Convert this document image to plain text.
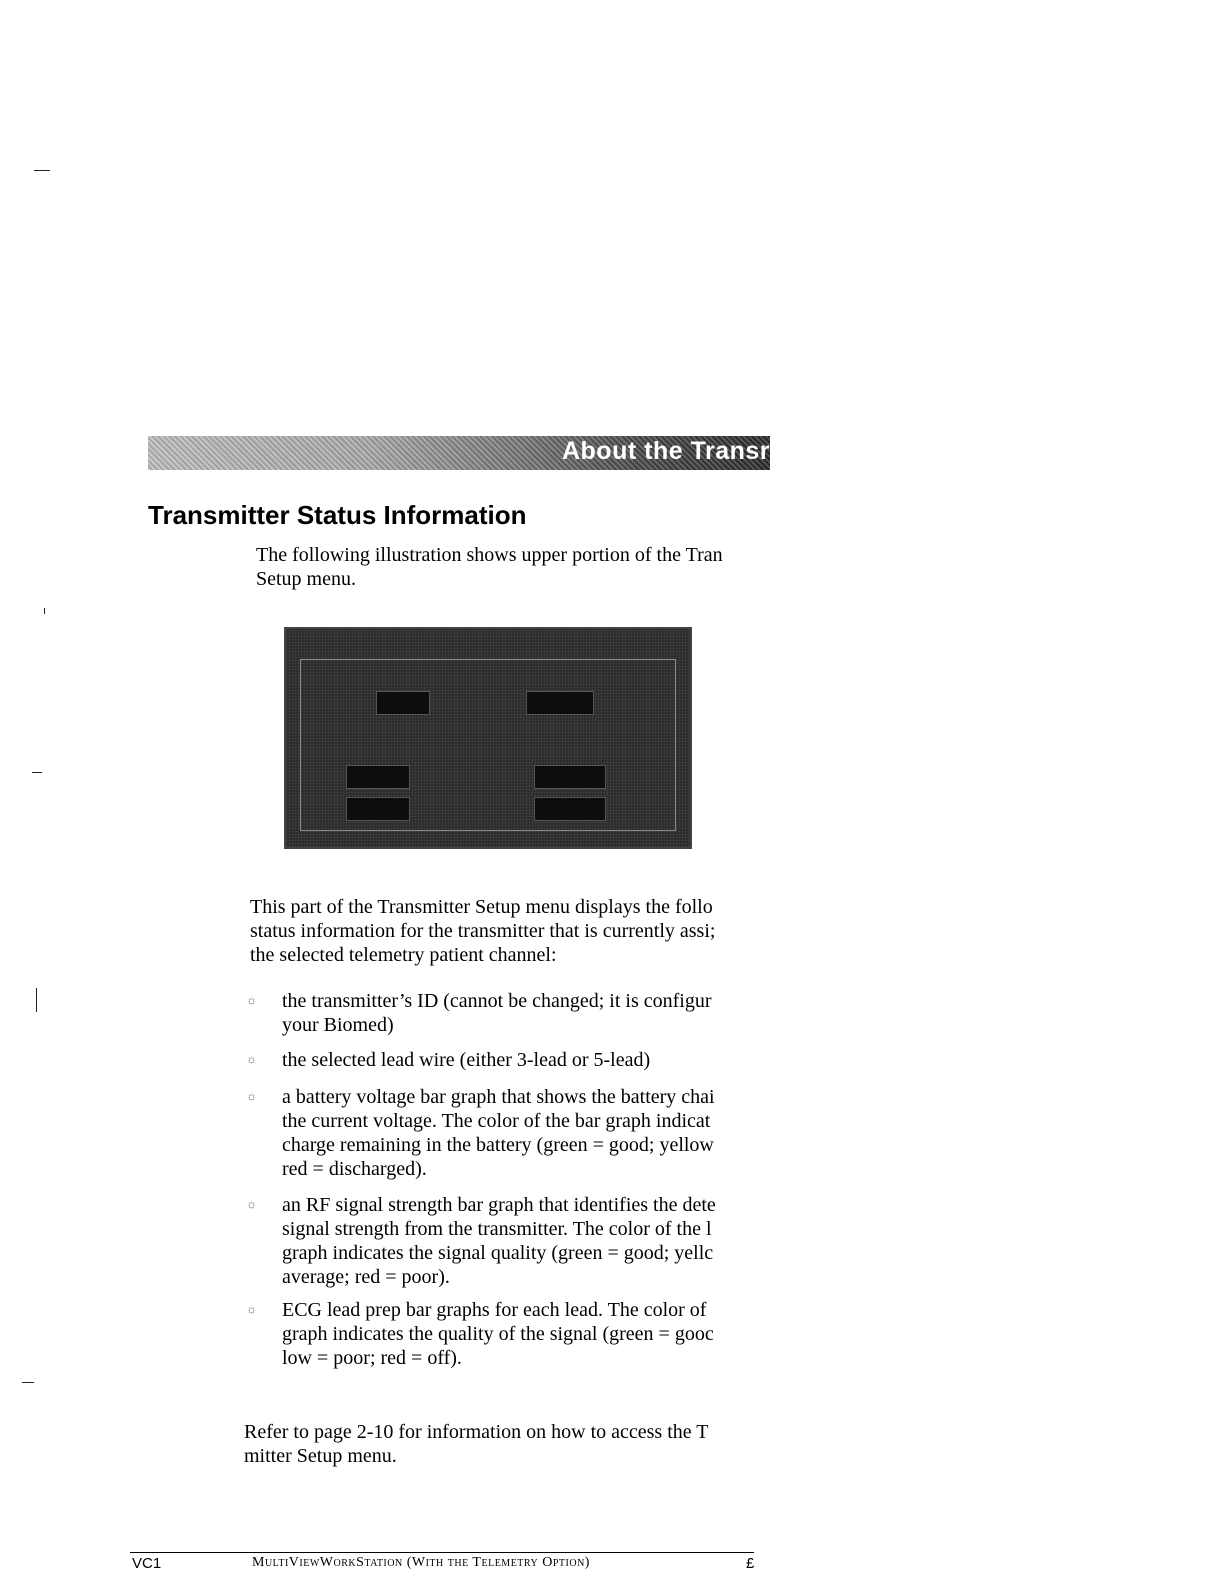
About the Transr
Transmitter Status Information

The following illustration shows upper portion of the Tran

Setup menu.

This part of the Transmitter Setup menu displays the follo

status information for the transmitter that is currently assi;

the selected telemetry patient channel:

☼ the transmitter’s ID (cannot be changed; it is configur

your Biomed)

☼ the selected lead wire (either 3-lead or 5-lead)

☼ a battery voltage bar graph that shows the battery chai

the current voltage. The color of the bar graph indicat

charge remaining in the battery (green = good; yellow

red = discharged).

☼ an RF signal strength bar graph that identifies the dete

signal strength from the transmitter. The color of the l

graph indicates the signal quality (green = good; yellc

average; red = poor).

☼ ECG lead prep bar graphs for each lead. The color of

graph indicates the quality of the signal (green = gooc

low = poor; red = off).

Refer to page 2-10 for information on how to access the T

mitter Setup menu.

VC1	MultiViewWorkStation (With the Telemetry Option)	£
